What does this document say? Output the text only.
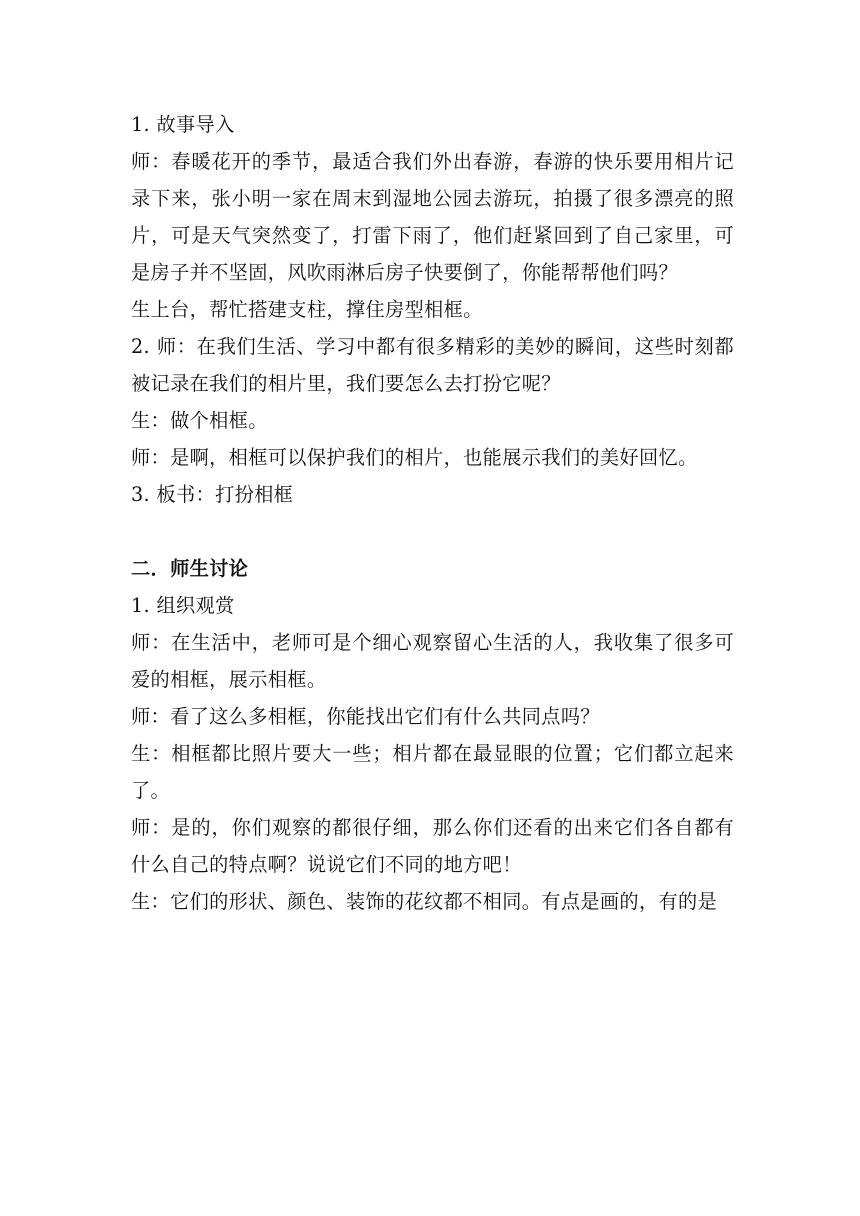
1. 故事导入

师：春暖花开的季节，最适合我们外出春游，春游的快乐要用相片记录下来，张小明一家在周末到湿地公园去游玩，拍摄了很多漂亮的照片，可是天气突然变了，打雷下雨了，他们赶紧回到了自己家里，可是房子并不坚固，风吹雨淋后房子快要倒了，你能帮帮他们吗？

生上台，帮忙搭建支柱，撑住房型相框。

2. 师：在我们生活、学习中都有很多精彩的美妙的瞬间，这些时刻都被记录在我们的相片里，我们要怎么去打扮它呢？

生：做个相框。

师：是啊，相框可以保护我们的相片，也能展示我们的美好回忆。

3. 板书：打扮相框

二．师生讨论

1. 组织观赏

师：在生活中，老师可是个细心观察留心生活的人，我收集了很多可爱的相框，展示相框。

师：看了这么多相框，你能找出它们有什么共同点吗？

生：相框都比照片要大一些；相片都在最显眼的位置；它们都立起来了。

师：是的，你们观察的都很仔细，那么你们还看的出来它们各自都有什么自己的特点啊？说说它们不同的地方吧！

生：它们的形状、颜色、装饰的花纹都不相同。有点是画的，有的是
